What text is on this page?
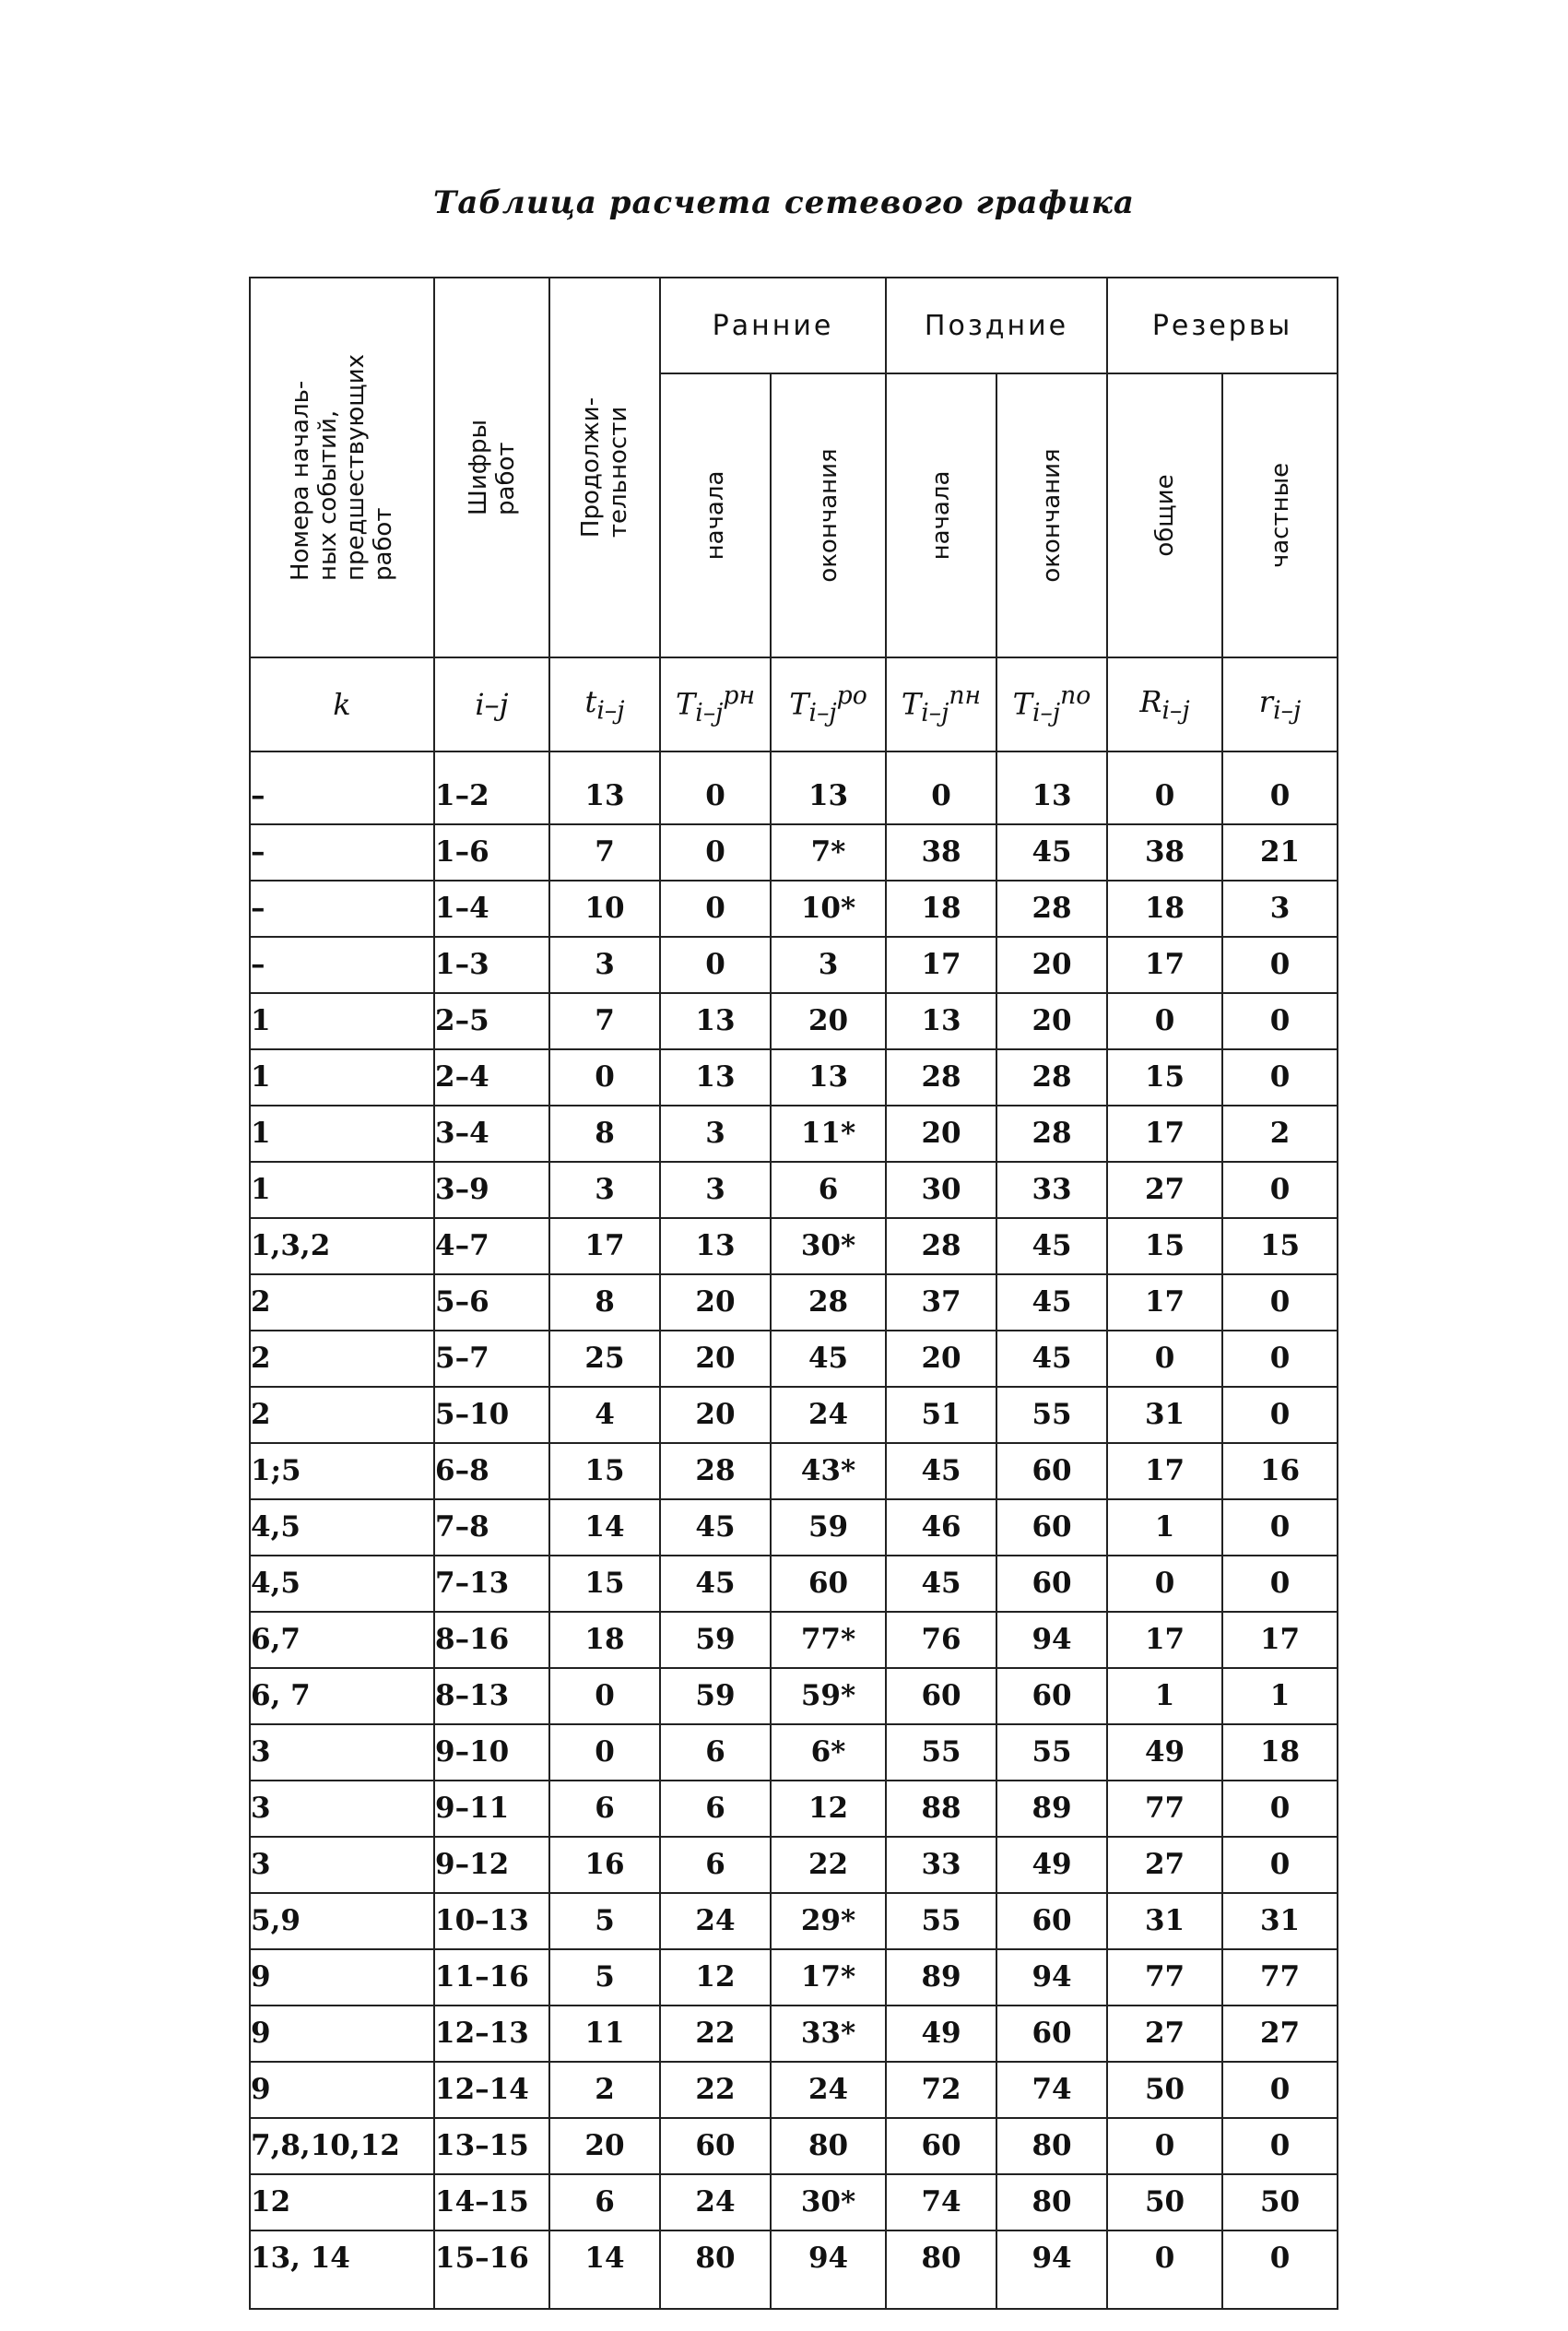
Таблица расчета сетевого графика
Номера началь-
ных событий,
предшествующих
работ	Шифры
работ	Продолжи-
тельности	Ранние		Поздние		Резервы	

			начала	окончания	начала	окончания	общие	частные

k	i–j	$t_{i-j}$	$T_{i-j}^{рн}$	$T_{i-j}^{ро}$	$T_{i-j}^{пн}$	$T_{i-j}^{по}$	$R_{i-j}$	$r_{i-j}$
–	1–2	13	0	13	0	13	0	0
–	1–6	7	0	7*	38	45	38	21
–	1–4	10	0	10*	18	28	18	3
–	1–3	3	0	3	17	20	17	0
1	2–5	7	13	20	13	20	0	0
1	2–4	0	13	13	28	28	15	0
1	3–4	8	3	11*	20	28	17	2
1	3–9	3	3	6	30	33	27	0
1,3,2	4–7	17	13	30*	28	45	15	15
2	5–6	8	20	28	37	45	17	0
2	5–7	25	20	45	20	45	0	0
2	5–10	4	20	24	51	55	31	0
1;5	6–8	15	28	43*	45	60	17	16
4,5	7–8	14	45	59	46	60	1	0
4,5	7–13	15	45	60	45	60	0	0
6,7	8–16	18	59	77*	76	94	17	17
6, 7	8–13	0	59	59*	60	60	1	1
3	9–10	0	6	6*	55	55	49	18
3	9–11	6	6	12	88	89	77	0
3	9–12	16	6	22	33	49	27	0
5,9	10–13	5	24	29*	55	60	31	31
9	11–16	5	12	17*	89	94	77	77
9	12–13	11	22	33*	49	60	27	27
9	12–14	2	22	24	72	74	50	0
7,8,10,12	13–15	20	60	80	60	80	0	0
12	14–15	6	24	30*	74	80	50	50
13, 14	15–16	14	80	94	80	94	0	0
